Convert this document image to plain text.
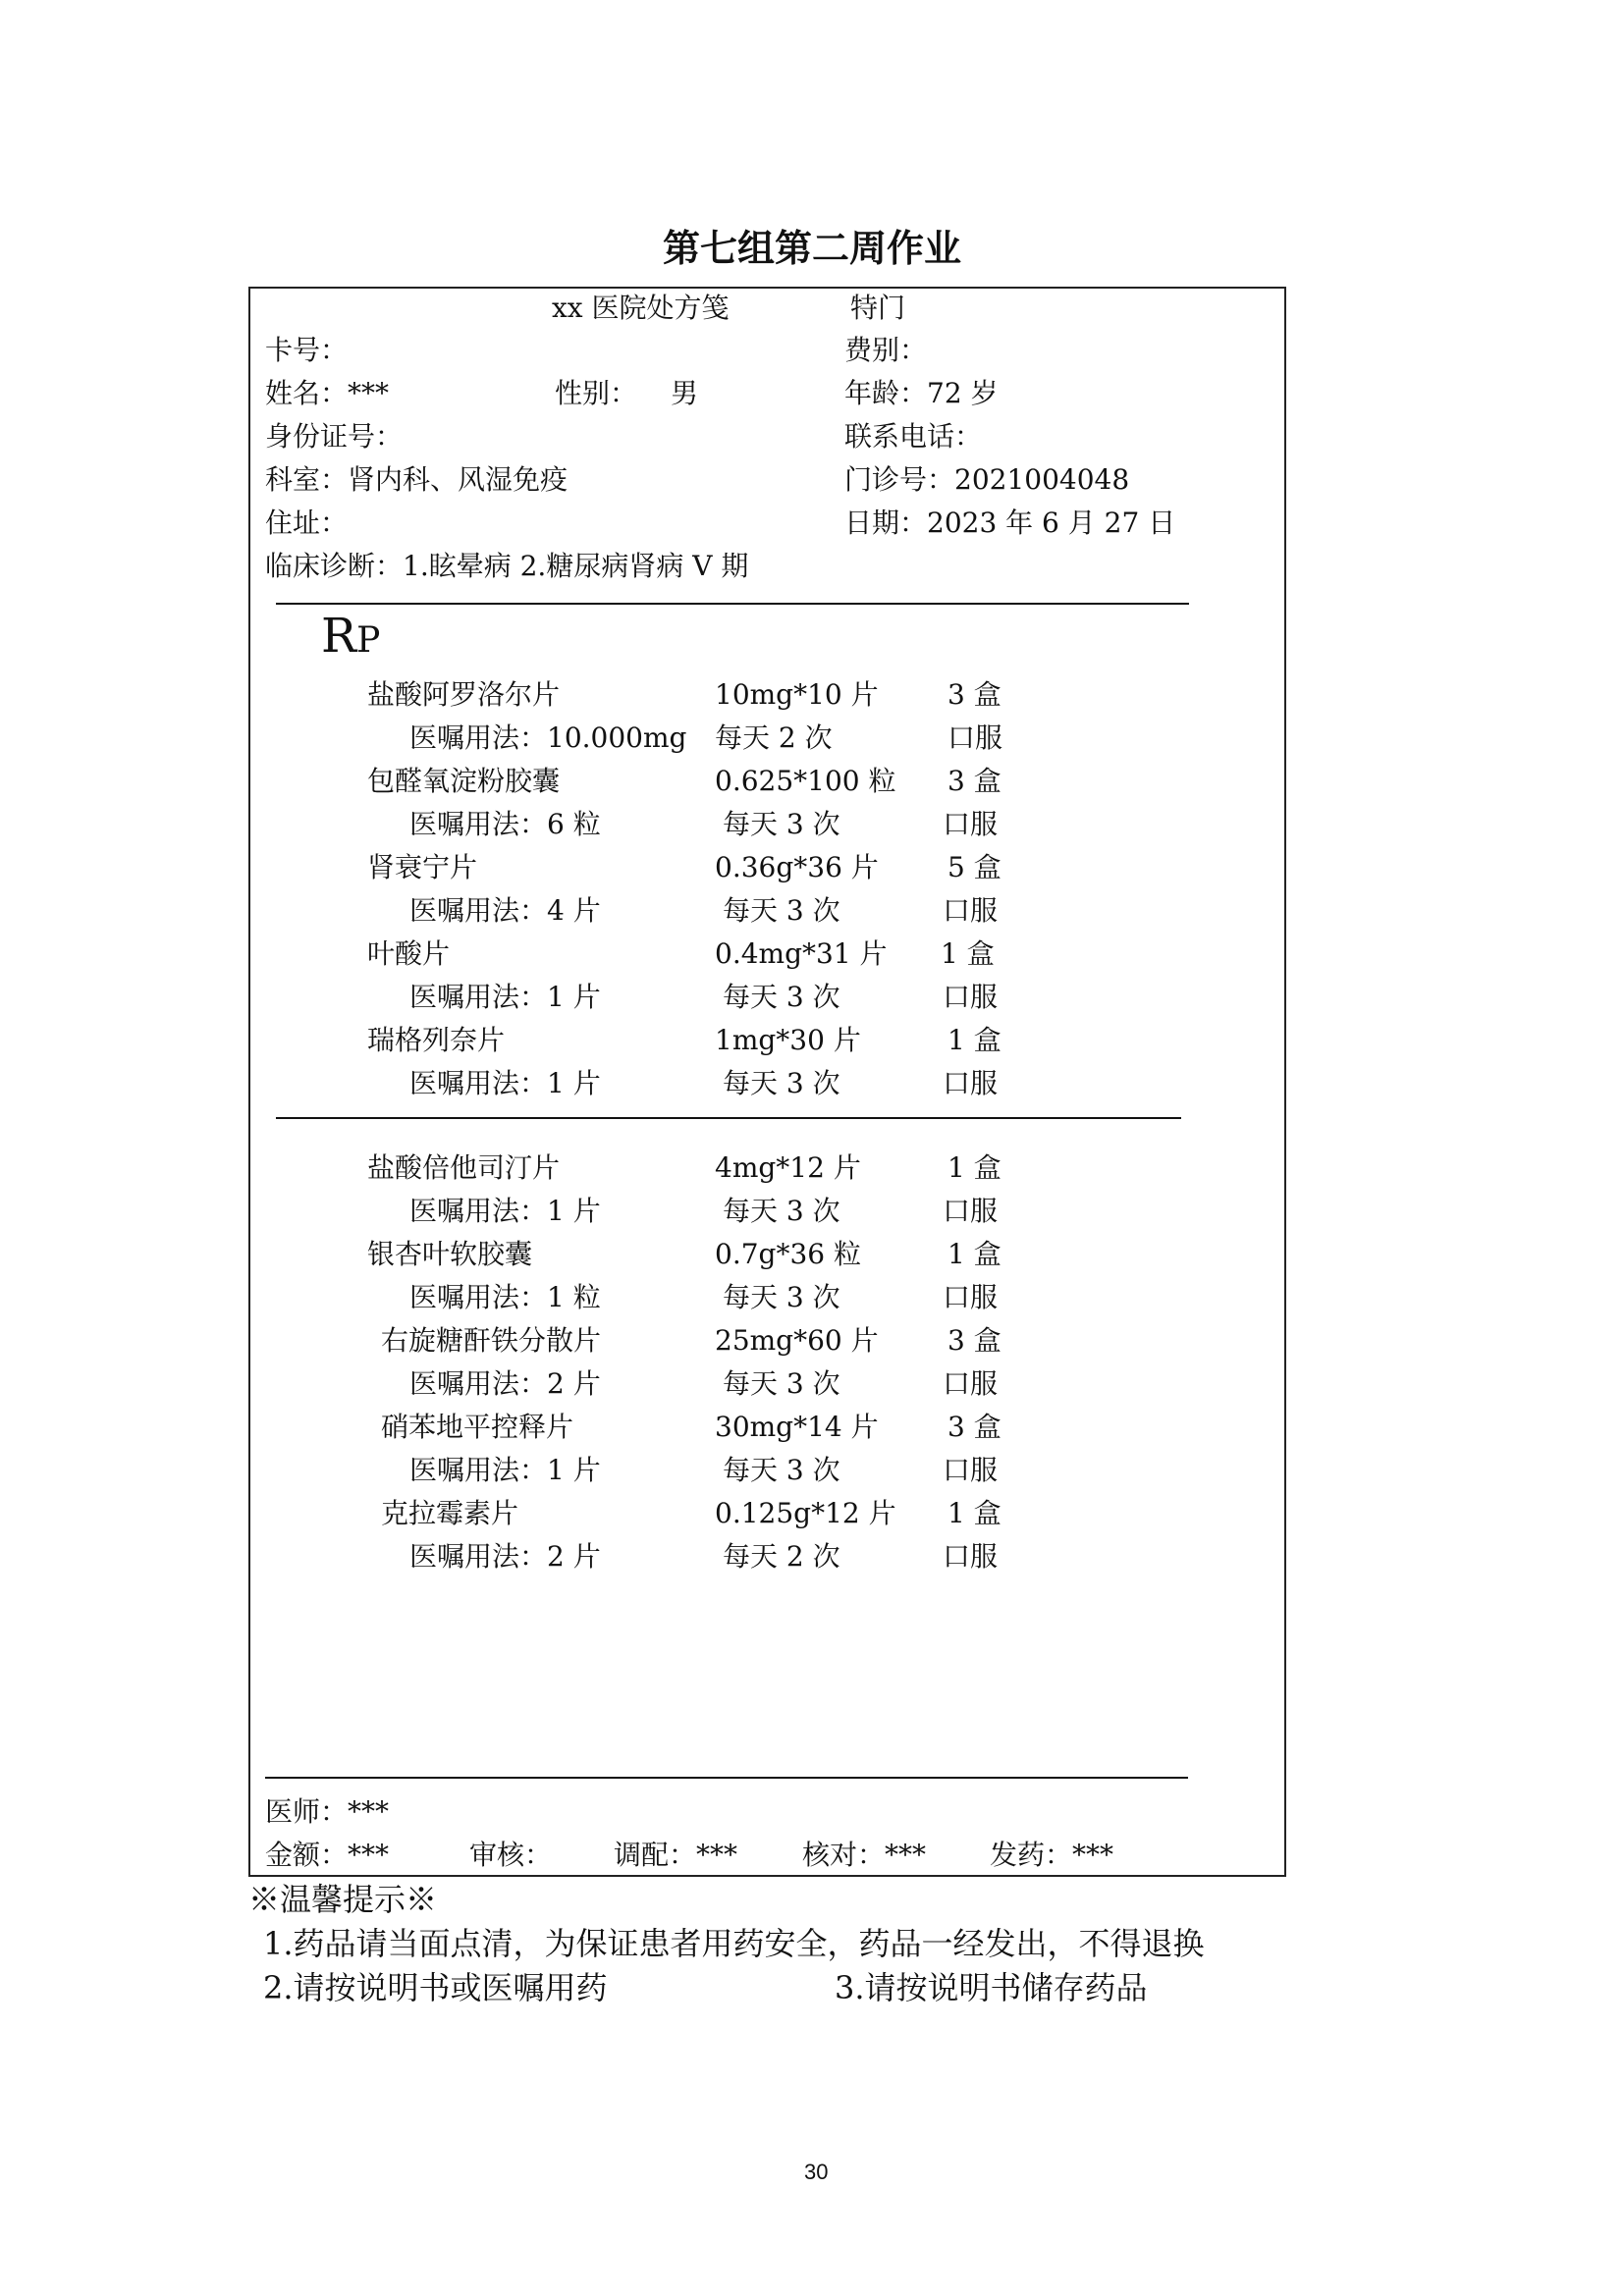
第七组第二周作业
xx 医院处方笺	特门
卡号：	费别：
姓名：***	性别： 男	年龄：72 岁
身份证号：	联系电话：
科室：肾内科、风湿免疫	门诊号：2021004048
住址：	日期：2023 年 6 月 27 日
临床诊断：1.眩晕病 2.糖尿病肾病 V 期
RP
盐酸阿罗洛尔片	10mg*10 片	3 盒
医嘱用法：10.000mg 每天 2 次	口服
包醛氧淀粉胶囊	0.625*100 粒 3 盒
医嘱用法：6 粒	每天 3 次	口服
肾衰宁片	0.36g*36 片	5 盒
医嘱用法：4 片	每天 3 次	口服
叶酸片	0.4mg*31 片 1 盒
医嘱用法：1 片	每天 3 次	口服
瑞格列奈片	1mg*30 片	1 盒
医嘱用法：1 片	每天 3 次	口服
盐酸倍他司汀片	4mg*12 片	1 盒
医嘱用法：1 片	每天 3 次	口服
银杏叶软胶囊	0.7g*36 粒	1 盒
医嘱用法：1 粒	每天 3 次	口服
右旋糖酐铁分散片	25mg*60 片	3 盒
医嘱用法：2 片	每天 3 次	口服
硝苯地平控释片	30mg*14 片	3 盒
医嘱用法：1 片	每天 3 次	口服
克拉霉素片	0.125g*12 片 1 盒
医嘱用法：2 片	每天 2 次	口服
医师：***
金额：***	审核： 调配：*** 核对：*** 发药：***
※温馨提示※
1.药品请当面点清，为保证患者用药安全，药品一经发出，不得退换
2.请按说明书或医嘱用药	3.请按说明书储存药品
30
